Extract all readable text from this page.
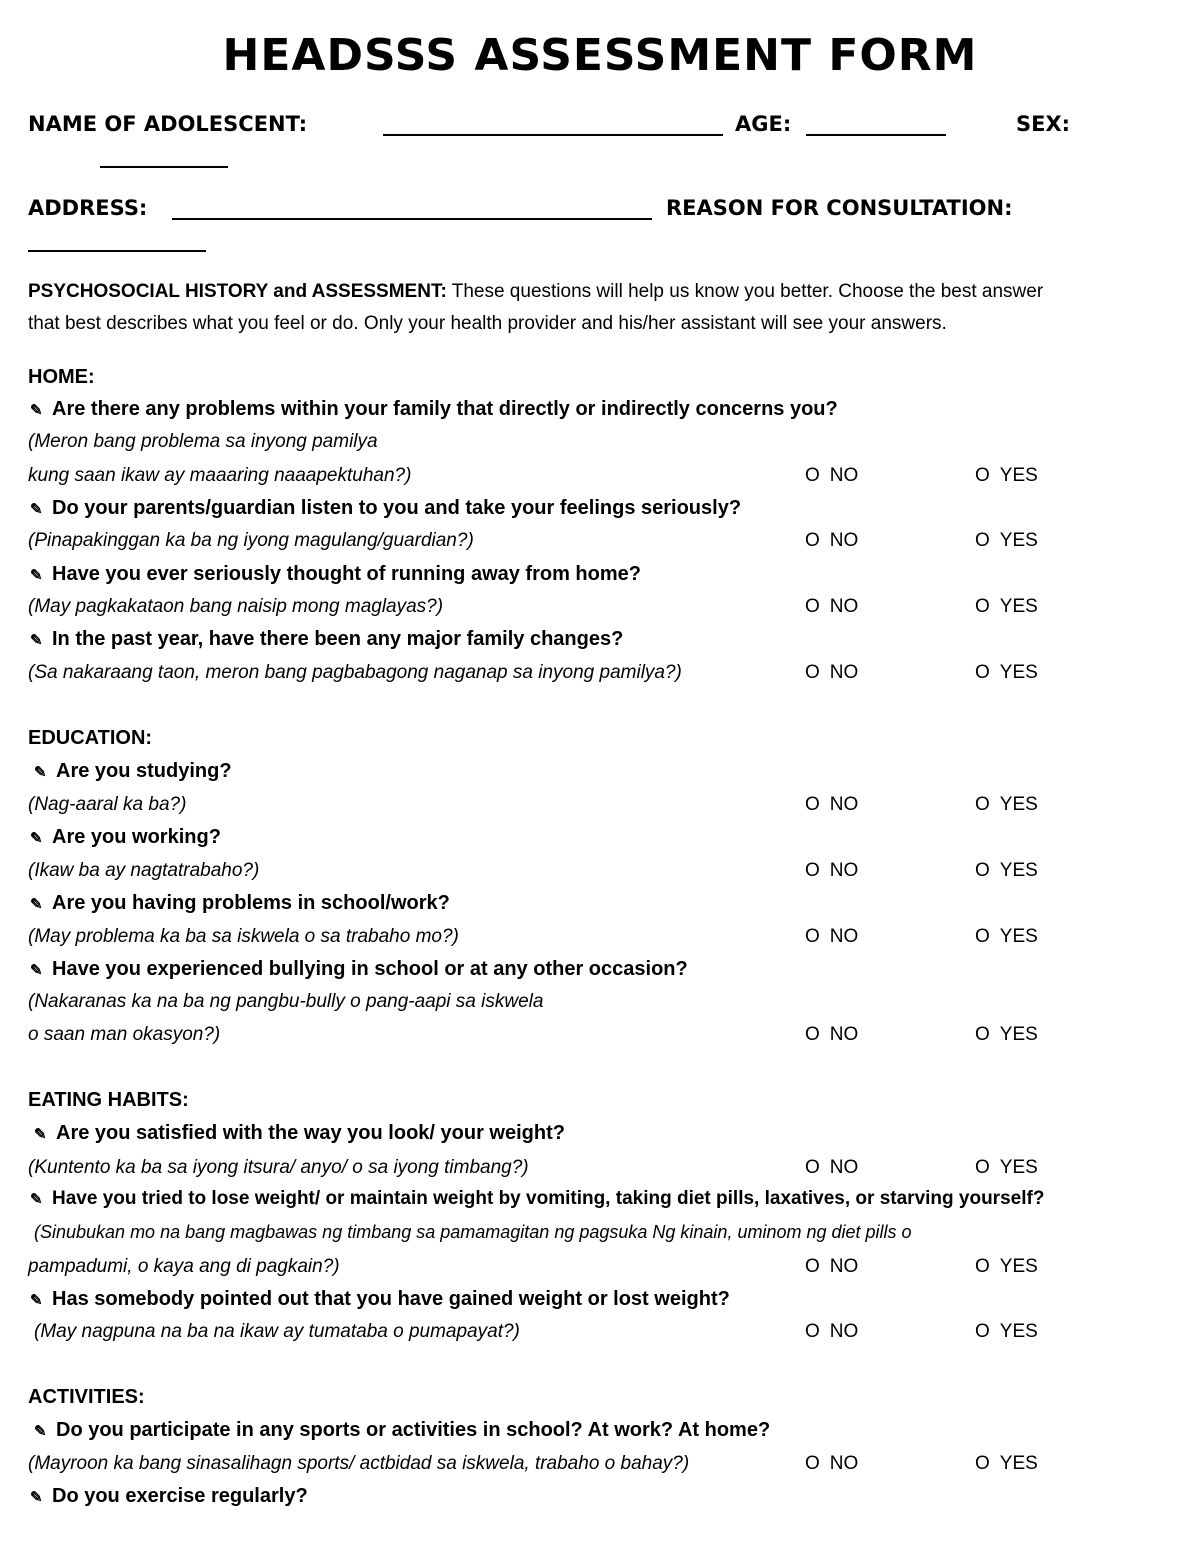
HEADSSS ASSESSMENT FORM
NAME OF ADOLESCENT:	AGE:	SEX:
ADDRESS:	REASON FOR CONSULTATION:
PSYCHOSOCIAL HISTORY and ASSESSMENT: These questions will help us know you better. Choose the best answer
that best describes what you feel or do. Only your health provider and his/her assistant will see your answers.
HOME:
✎ Are there any problems within your family that directly or indirectly concerns you?
(Meron bang problema sa inyong pamilya
kung saan ikaw ay maaaring naaapektuhan?)	O NO	O YES
✎ Do your parents/guardian listen to you and take your feelings seriously?
(Pinapakinggan ka ba ng iyong magulang/guardian?)	O NO	O YES
✎ Have you ever seriously thought of running away from home?
(May pagkakataon bang naisip mong maglayas?)	O NO	O YES
✎ In the past year, have there been any major family changes?
(Sa nakaraang taon, meron bang pagbabagong naganap sa inyong pamilya?)	O NO	O YES
EDUCATION:
✎ Are you studying?
(Nag-aaral ka ba?)	O NO	O YES
✎ Are you working?
(Ikaw ba ay nagtatrabaho?)	O NO	O YES
✎ Are you having problems in school/work?
(May problema ka ba sa iskwela o sa trabaho mo?)	O NO	O YES
✎ Have you experienced bullying in school or at any other occasion?
(Nakaranas ka na ba ng pangbu-bully o pang-aapi sa iskwela
o saan man okasyon?)	O NO	O YES
EATING HABITS:
✎ Are you satisfied with the way you look/ your weight?
(Kuntento ka ba sa iyong itsura/ anyo/ o sa iyong timbang?)	O NO	O YES
✎ Have you tried to lose weight/ or maintain weight by vomiting, taking diet pills, laxatives, or starving yourself?
(Sinubukan mo na bang magbawas ng timbang sa pamamagitan ng pagsuka Ng kinain, uminom ng diet pills o
pampadumi, o kaya ang di pagkain?)	O NO	O YES
✎ Has somebody pointed out that you have gained weight or lost weight?
(May nagpuna na ba na ikaw ay tumataba o pumapayat?)	O NO	O YES
ACTIVITIES:
✎ Do you participate in any sports or activities in school? At work? At home?
(Mayroon ka bang sinasalihagn sports/ actbidad sa iskwela, trabaho o bahay?)	O NO	O YES
✎ Do you exercise regularly?
